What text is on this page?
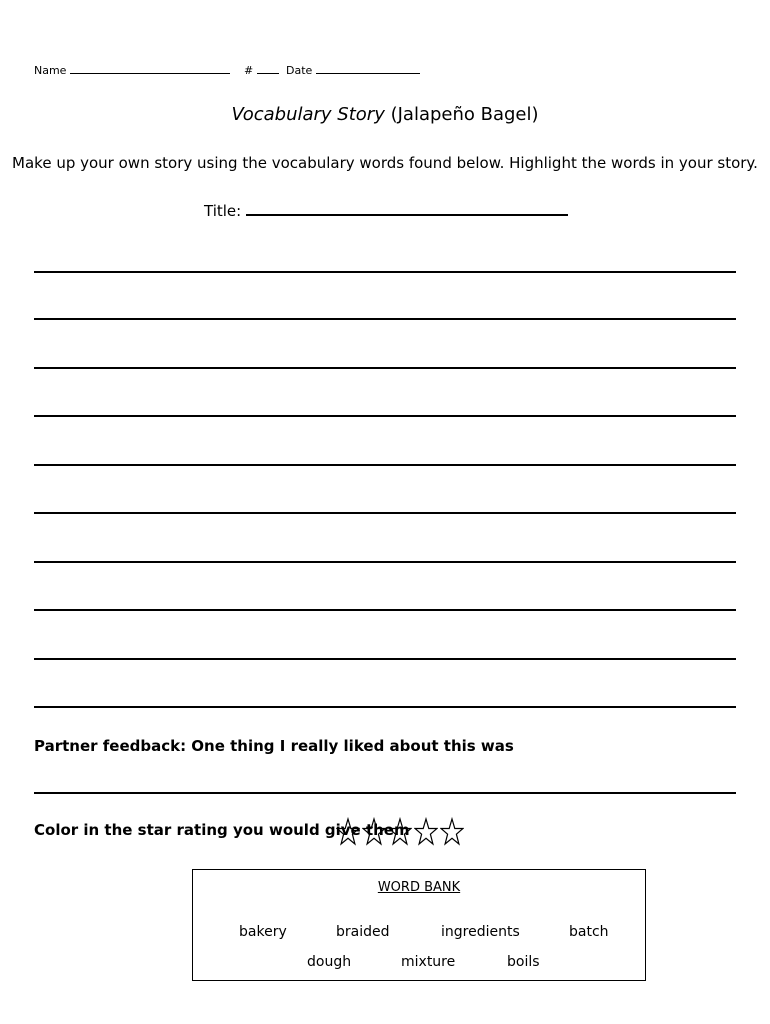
Name	#	Date
Vocabulary Story (Jalapeño Bagel)
Make up your own story using the vocabulary words found below. Highlight the words in your story.
Title:
Partner feedback: One thing I really liked about this was
Color in the star rating you would give them
WORD BANK
bakery	braided	ingredients	batch
dough	mixture	boils
